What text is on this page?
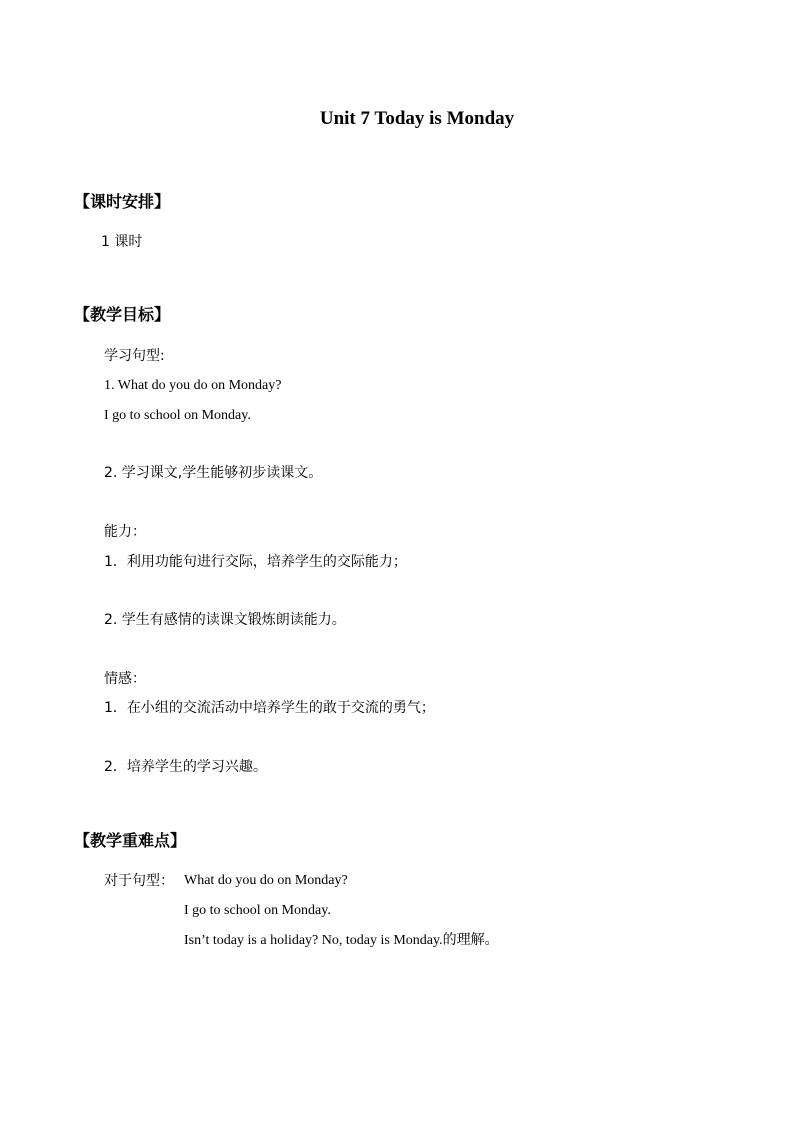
Unit 7 Today is Monday
【课时安排】
1 课时
【教学目标】
学习句型:
1. What do you do on Monday?
I go to school on Monday.
2. 学习课文,学生能够初步读课文。
能力：
1．利用功能句进行交际，培养学生的交际能力；
2. 学生有感情的读课文锻炼朗读能力。
情感：
1．在小组的交流活动中培养学生的敢于交流的勇气；
2．培养学生的学习兴趣。
【教学重难点】
对于句型： What do you do on Monday?
I go to school on Monday.
Isn’t today is a holiday? No, today is Monday.的理解。
